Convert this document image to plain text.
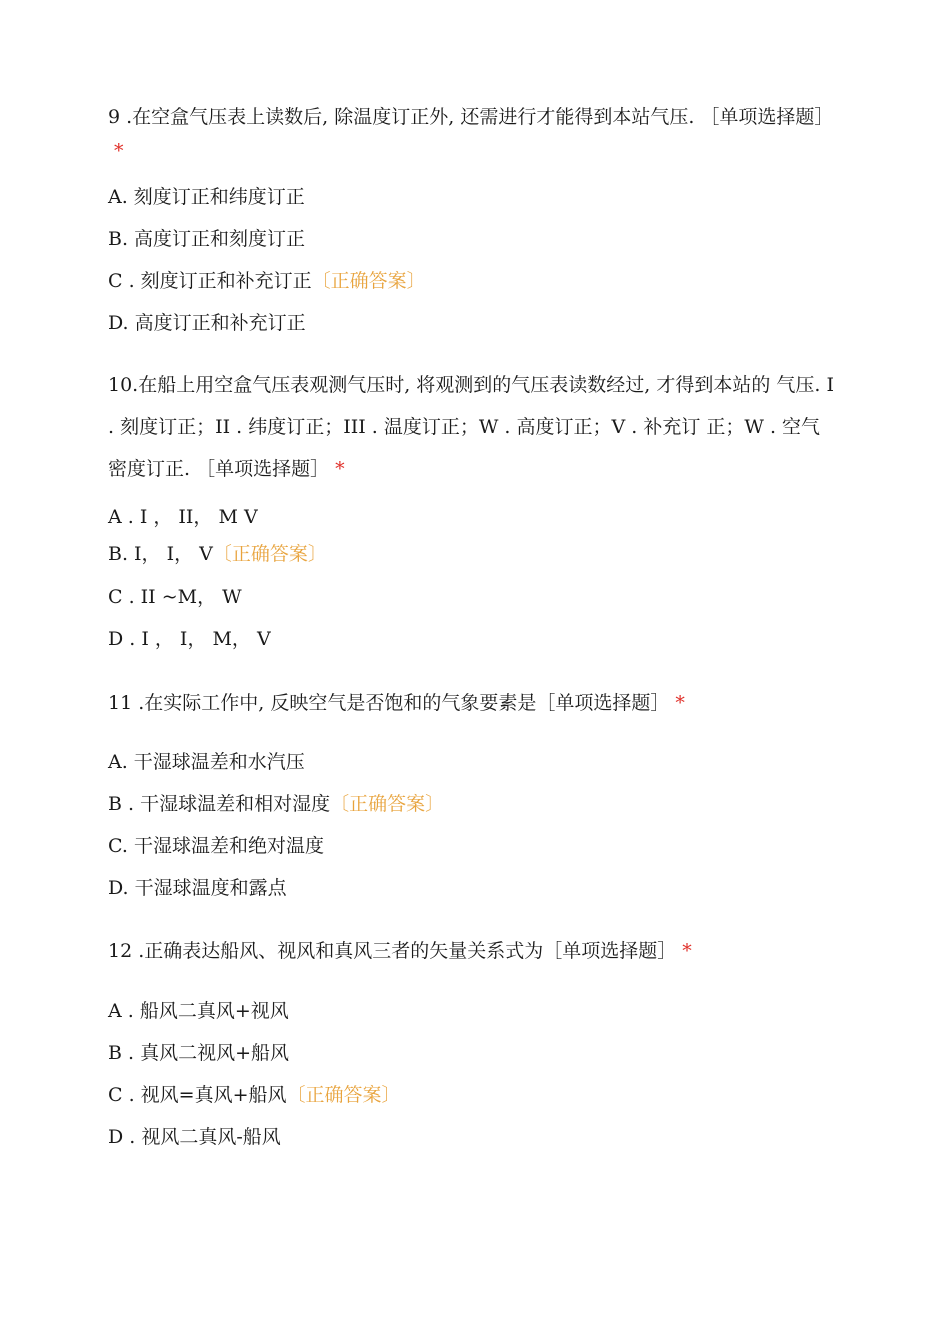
9 .在空盒气压表上读数后, 除温度订正外, 还需进行才能得到本站气压. ［单项选择题］*

A. 刻度订正和纬度订正
B. 高度订正和刻度订正
C . 刻度订正和补充订正〔正确答案〕
D. 高度订正和补充订正

10.在船上用空盒气压表观测气压时, 将观测到的气压表读数经过, 才得到本站的 气压. I . 刻度订正；II . 纬度订正；III . 温度订正；W . 高度订正；V . 补充订 正；W . 空气密度订正. ［单项选择题］ *

A . Ⅰ ， ⅠI， M Ⅴ
B. Ⅰ， Ⅰ， Ⅴ〔正确答案〕
C . ⅠI ~M， W
D . Ⅰ ， Ⅰ， M， Ⅴ

11 .在实际工作中, 反映空气是否饱和的气象要素是［单项选择题］ *

A. 干湿球温差和水汽压
B . 干湿球温差和相对湿度〔正确答案〕
C. 干湿球温差和绝对温度
D. 干湿球温度和露点

12 .正确表达船风、视风和真风三者的矢量关系式为［单项选择题］ *

A . 船风二真风+视风
B . 真风二视风+船风
C . 视风=真风+船风〔正确答案〕
D . 视风二真风-船风
